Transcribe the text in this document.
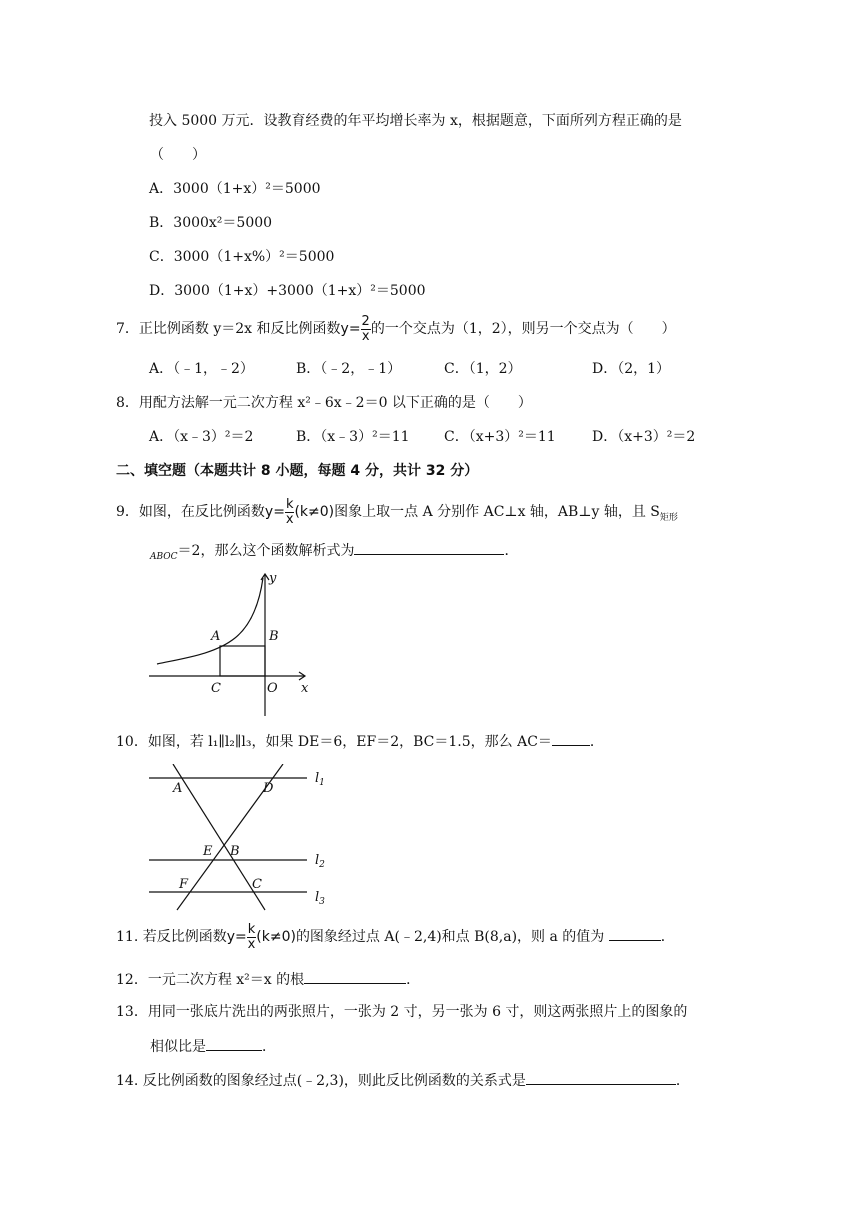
投入 5000 万元．设教育经费的年平均增长率为 x，根据题意，下面所列方程正确的是
（　　）
A．3000（1+x）²＝5000
B．3000x²＝5000
C．3000（1+x%）²＝5000
D．3000（1+x）+3000（1+x）²＝5000
7．正比例函数 y＝2x 和反比例函数$y= \frac{2}{x}$ 的一个交点为（1，2），则另一个交点为（　　）
A．（﹣1，﹣2）	B．（﹣2，﹣1）	C．（1，2）	D．（2，1）
8．用配方法解一元二次方程 x²﹣6x﹣2＝0 以下正确的是（　　）
A．（x﹣3）²＝2	B．（x﹣3）²＝11 C．（x+3）²＝11	D．（x+3）²＝2
二、填空题（本题共计 8 小题，每题 4 分，共计 32 分）
9．如图，在反比例函数$y= \frac{k}{x} (k\ne 0)$图象上取一点 A 分别作 AC⊥x 轴，AB⊥y 轴，且 $S_{矩形}$
$_{ABOC}$＝2，那么这个函数解析式为	．
y
x
A	B
C	O
10．如图，若 l₁∥l₂∥l₃，如果 DE＝6，EF＝2，BC＝1.5，那么 AC＝	．
A	D
E B
F	C
$l_1$
$l_2$
$l_3$
11. 若反比例函数$y= \frac{k}{x} (k\ne 0)$的图象经过点 A(﹣2,4)和点 B(8,a)，则 a 的值为	．
12．一元二次方程 x²＝x 的根	．
13．用同一张底片洗出的两张照片，一张为 2 寸，另一张为 6 寸，则这两张照片上的图象的
相似比是	．
14. 反比例函数的图象经过点(﹣2,3)，则此反比例函数的关系式是	．
